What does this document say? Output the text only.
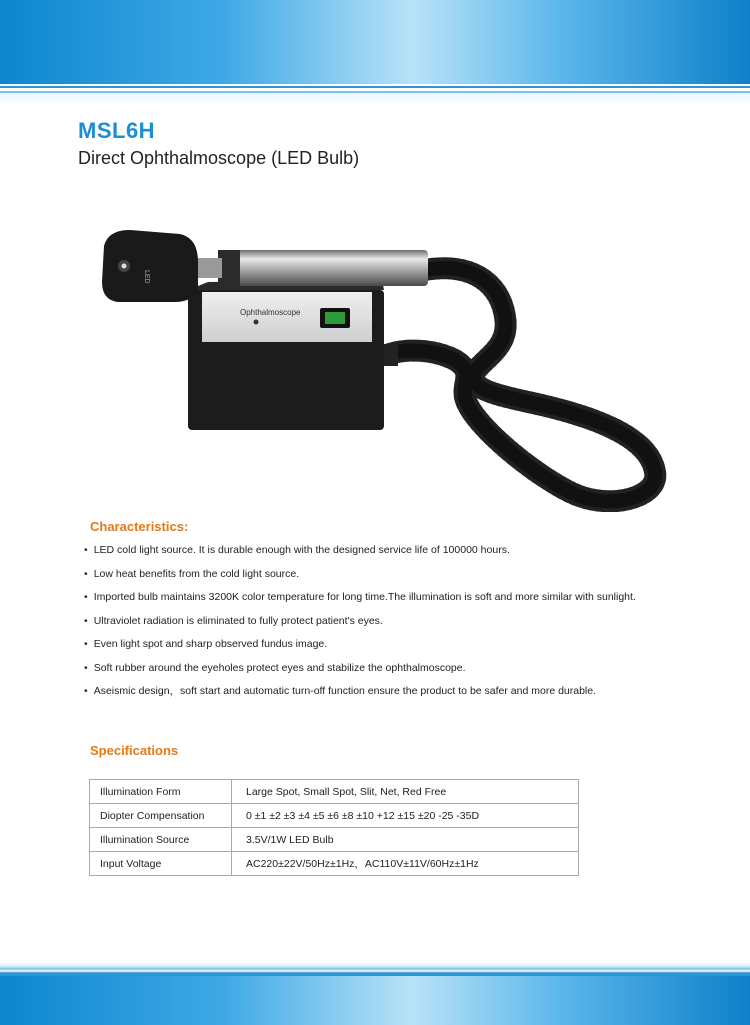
MSL6H
Direct Ophthalmoscope (LED Bulb)
Ophthalmoscope
LED
Characteristics:
• LED cold light source. It is durable enough with the designed service life of 100000 hours.
• Low heat benefits from the cold light source.
• Imported bulb maintains 3200K color temperature for long time.The illumination is soft and more similar with sunlight.
• Ultraviolet radiation is eliminated to fully protect patient's eyes.
• Even light spot and sharp observed fundus image.
• Soft rubber around the eyeholes protect eyes and stabilize the ophthalmoscope.
• Aseismic design，soft start and automatic turn-off function ensure the product to be safer and more durable.
Specifications
Illumination Form	Large Spot, Small Spot, Slit, Net, Red Free
Diopter Compensation	0 ±1 ±2 ±3 ±4 ±5 ±6 ±8 ±10 +12 ±15 ±20 -25 -35D
Illumination Source	3.5V/1W LED Bulb
Input Voltage	AC220±22V/50Hz±1Hz，AC110V±11V/60Hz±1Hz
